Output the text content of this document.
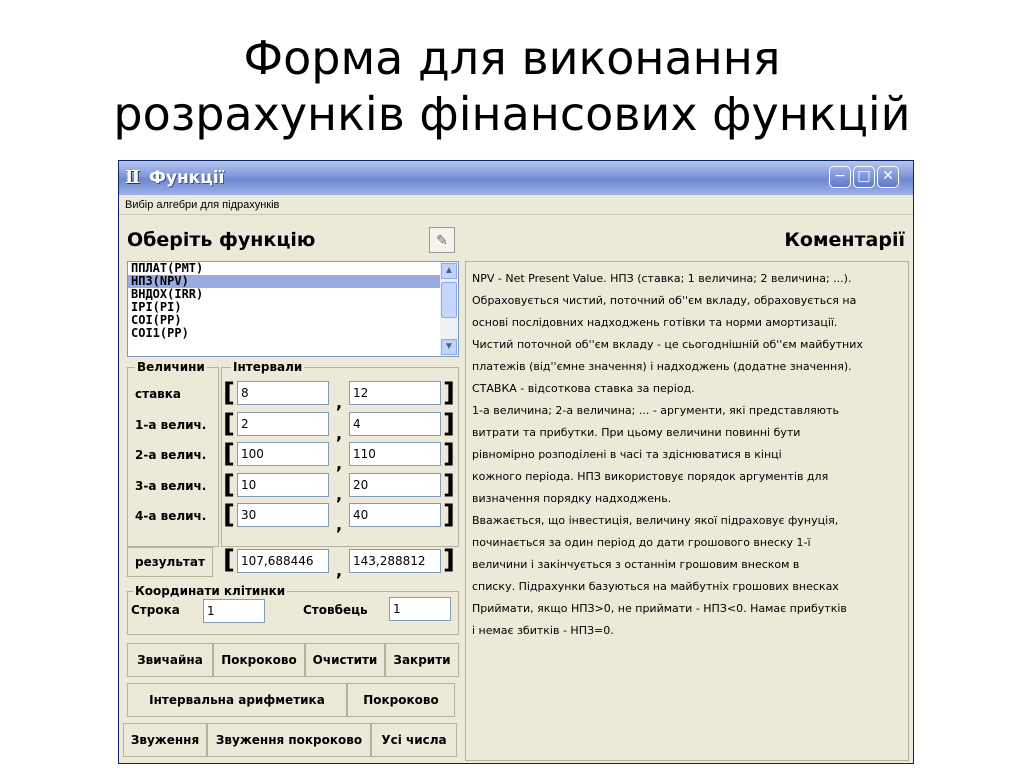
Форма для виконання
розрахунків фінансових функцій
Ⅱ Функції	− □ ✕
Вибір алгебри для підрахунків
Оберіть функцію	✎
ППЛАТ(PMT)
НПЗ(NPV)
ВНДОХ(IRR)
IPI(PI)
COI(PP)
COI1(PP)
▲
▼
Величини Інтервали
ставка [ 8	, 12	]
1-а велич. [ 2	, 4	]
2-а велич. [ 100	, 110	]
3-а велич. [ 10	, 20	]
4-а велич. [ 30	, 40	]
результат [ 107,688446	, 143,288812 ]
Координати клітинки
Строка	1	Стовбець	1
Звичайна	Покроково	Очистити	Закрити
Інтервальна арифметика	Покроково
Звуження	Звуження покроково	Усі числа
Коментарії
NPV - Net Present Value. НПЗ (ставка; 1 величина; 2 величина; ...).
Обраховується чистий, поточний об''єм вкладу, обраховується на
основі послідовних надходжень готівки та норми амортизації.
Чистий поточной об''єм вкладу - це сьогоднішній об''єм майбутних
платежів (від''ємне значення) і надходжень (додатне значення).
СТАВКА - відсоткова ставка за період.
1-а величина; 2-а величина; ... - аргументи, які представляють
витрати та прибутки. При цьому величини повинні бути
рівномірно розподілені в часі та здіснюватися в кінці
кожного періода. НПЗ використовує порядок аргументів для
визначення порядку надходжень.
Вважається, що інвестиція, величину якої підраховує фунуція,
починається за один період до дати грошового внеску 1-ї
величини і закінчується з останнім грошовим внеском в
списку. Підрахунки базуються на майбутніх грошових внесках
Приймати, якщо НПЗ>0, не приймати - НПЗ<0. Намає прибутків
і немає збитків - НПЗ=0.
